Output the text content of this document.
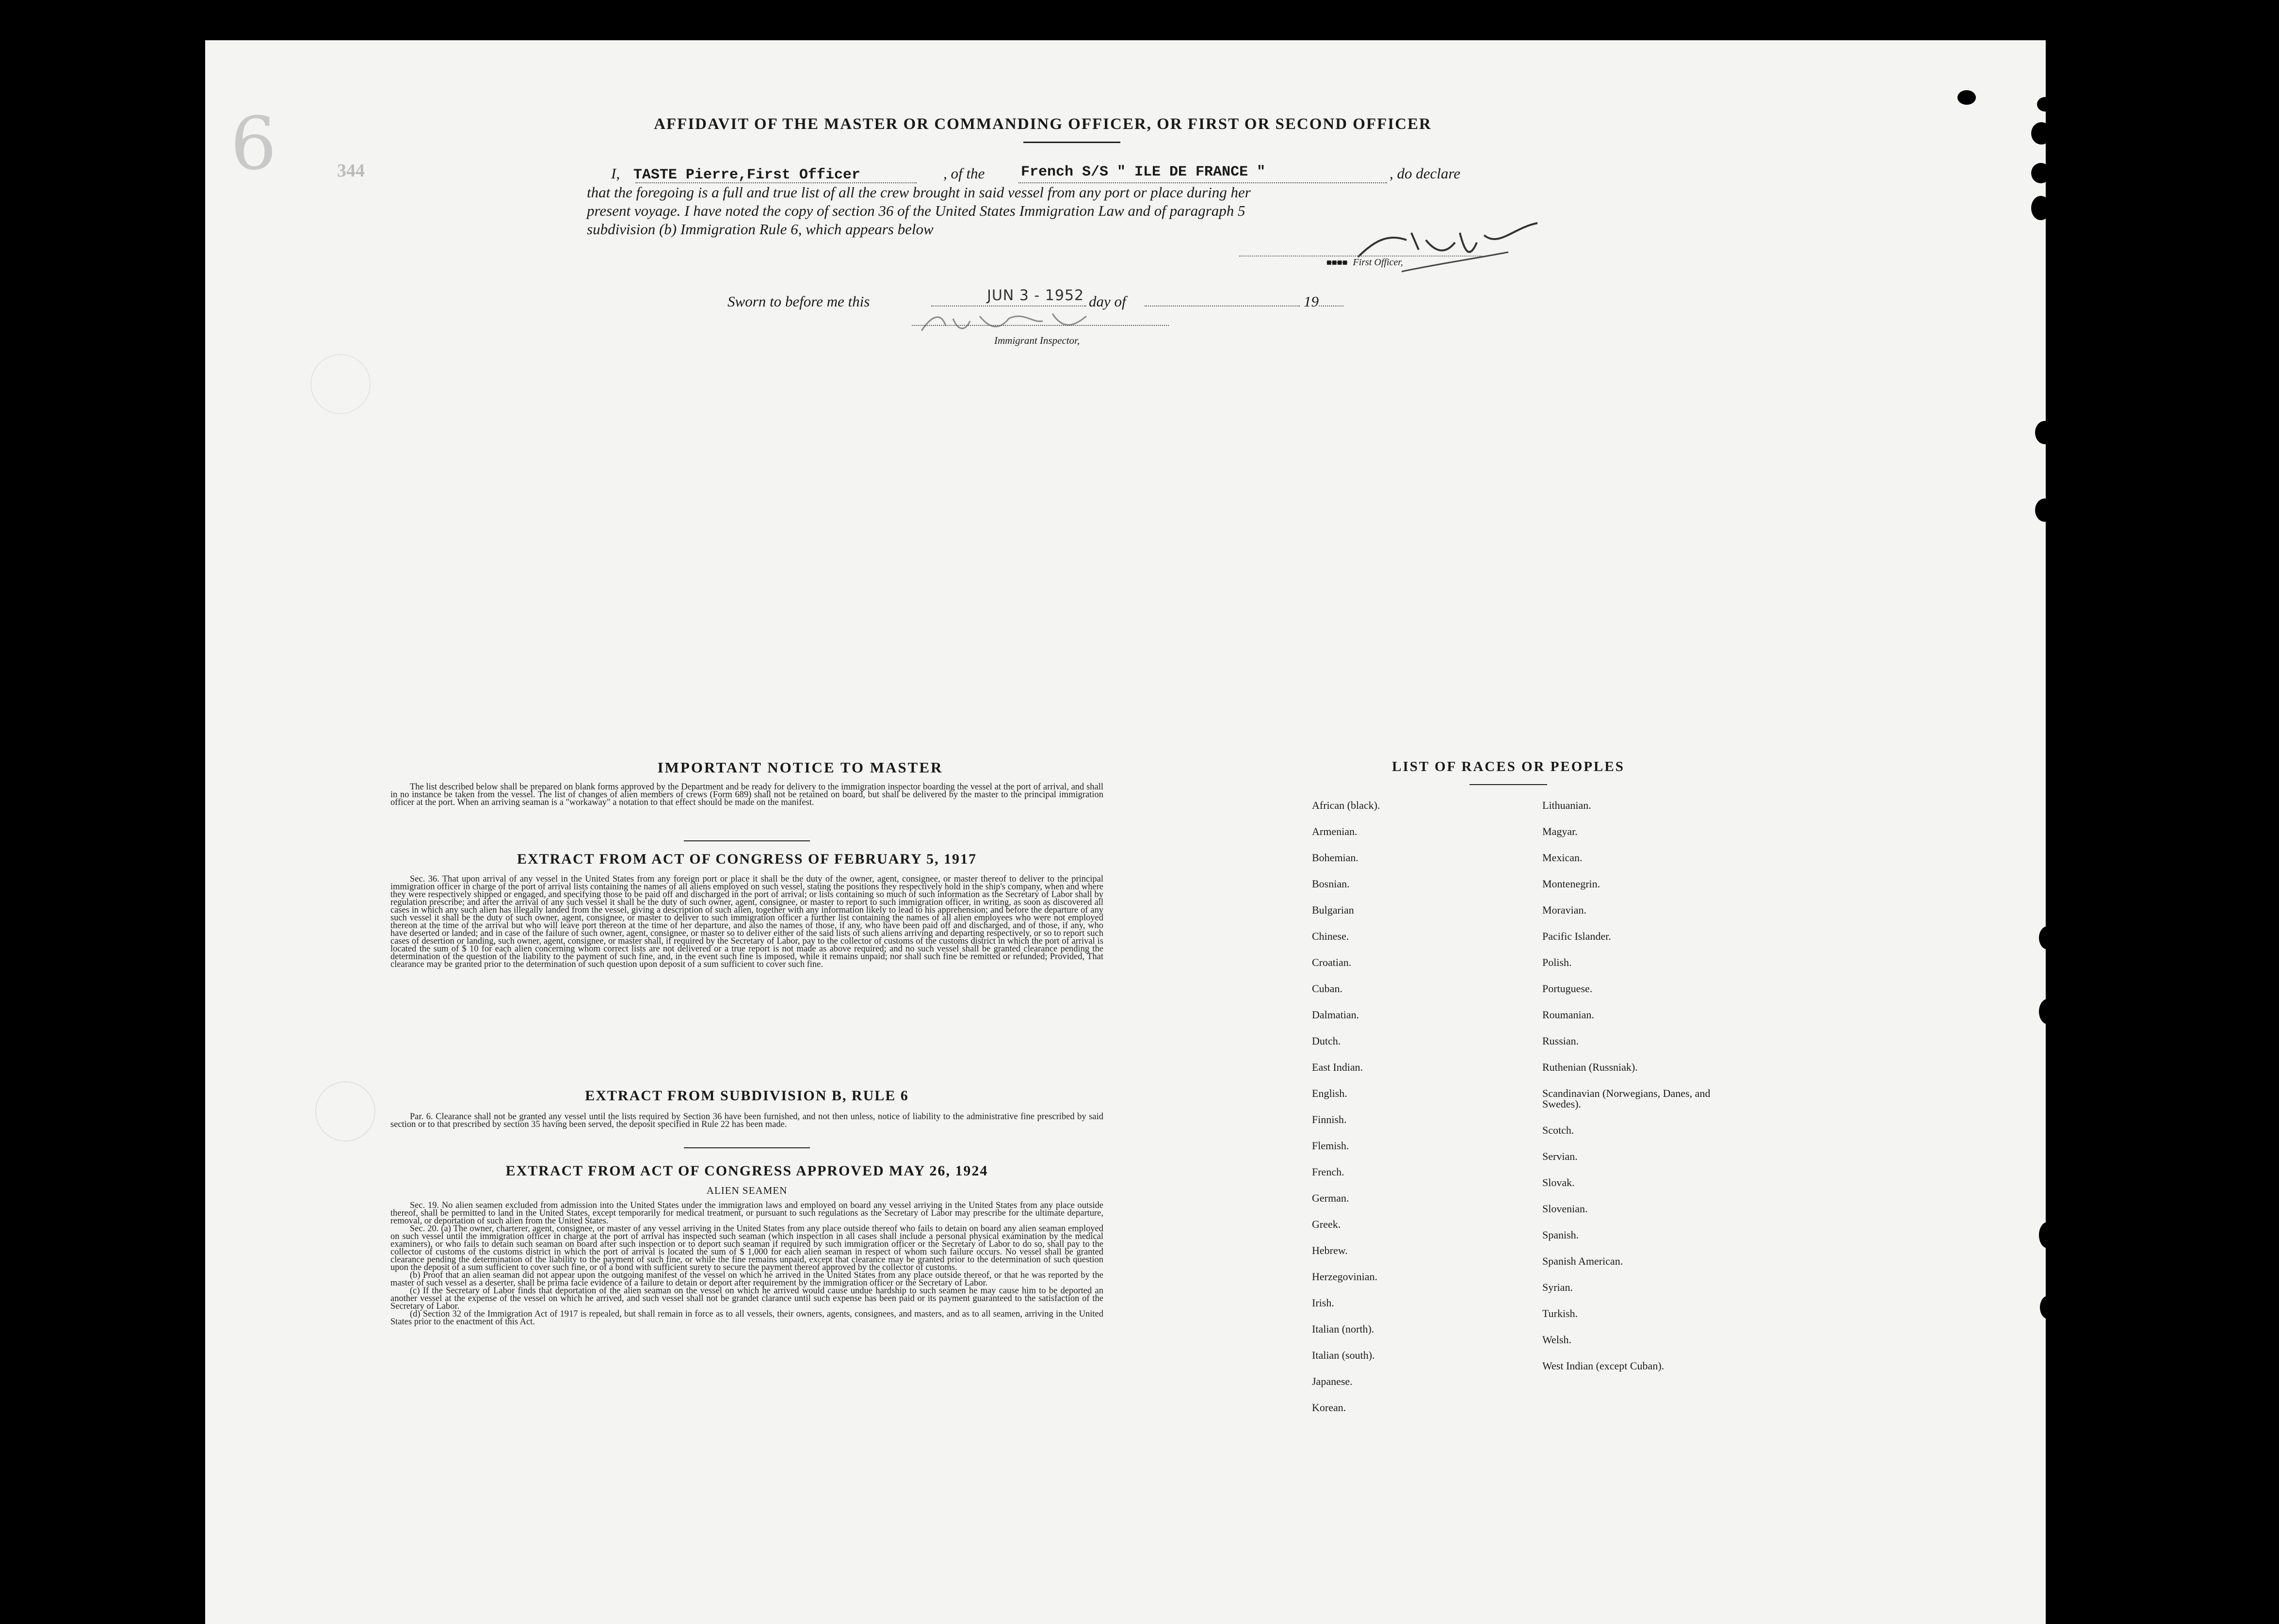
6	344
AFFIDAVIT OF THE MASTER OR COMMANDING OFFICER, OR FIRST OR SECOND OFFICER
I, TASTE Pierre,First Officer	, of the French S/S " ILE DE FRANCE "	, do declare
that the foregoing is a full and true list of all the crew brought in said vessel from any port or place during her
present voyage. I have noted the copy of section 36 of the United States Immigration Law and of paragraph 5
subdivision (b) Immigration Rule 6, which appears below
■■■■ First Officer,
Sworn to before me this	JUN 3 - 1952 day of	19
Immigrant Inspector,
IMPORTANT NOTICE TO MASTER

The list described below shall be prepared on blank forms approved by the Department and be ready for delivery to the immigration inspector boarding the vessel at the port of arrival, and shall in no instance be taken from the vessel. The list of changes of alien members of crews (Form 689) shall not be retained on board, but shall be delivered by the master to the principal immigration officer at the port. When an arriving seaman is a "workaway" a notation to that effect should be made on the manifest.

EXTRACT FROM ACT OF CONGRESS OF FEBRUARY 5, 1917

Sec. 36. That upon arrival of any vessel in the United States from any foreign port or place it shall be the duty of the owner, agent, consignee, or master thereof to deliver to the principal immigration officer in charge of the port of arrival lists containing the names of all aliens employed on such vessel, stating the positions they respectively hold in the ship's company, when and where they were respectively shipped or engaged, and specifying those to be paid off and discharged in the port of arrival; or lists containing so much of such information as the Secretary of Labor shall by regulation prescribe; and after the arrival of any such vessel it shall be the duty of such owner, agent, consignee, or master to report to such immigration officer, in writing, as soon as discovered all cases in which any such alien has illegally landed from the vessel, giving a description of such alien, together with any information likely to lead to his apprehension; and before the departure of any such vessel it shall be the duty of such owner, agent, consignee, or master to deliver to such immigration officer a further list containing the names of all alien employees who were not employed thereon at the time of the arrival but who will leave port thereon at the time of her departure, and also the names of those, if any, who have been paid off and discharged, and of those, if any, who have deserted or landed; and in case of the failure of such owner, agent, consignee, or master so to deliver either of the said lists of such aliens arriving and departing respectively, or so to report such cases of desertion or landing, such owner, agent, consignee, or master shall, if required by the Secretary of Labor, pay to the collector of customs of the customs district in which the port of arrival is located the sum of $ 10 for each alien concerning whom correct lists are not delivered or a true report is not made as above required; and no such vessel shall be granted clearance pending the determination of the question of the liability to the payment of such fine, and, in the event such fine is imposed, while it remains unpaid; nor shall such fine be remitted or refunded; Provided, That clearance may be granted prior to the determination of such question upon deposit of a sum sufficient to cover such fine.

EXTRACT FROM SUBDIVISION B, RULE 6

Par. 6. Clearance shall not be granted any vessel until the lists required by Section 36 have been furnished, and not then unless, notice of liability to the administrative fine prescribed by said section or to that prescribed by section 35 having been served, the deposit specified in Rule 22 has been made.

EXTRACT FROM ACT OF CONGRESS APPROVED MAY 26, 1924
ALIEN SEAMEN

Sec. 19. No alien seamen excluded from admission into the United States under the immigration laws and employed on board any vessel arriving in the United States from any place outside thereof, shall be permitted to land in the United States, except temporarily for medical treatment, or pursuant to such regulations as the Secretary of Labor may prescribe for the ultimate departure, removal, or deportation of such alien from the United States.

Sec. 20. (a) The owner, charterer, agent, consignee, or master of any vessel arriving in the United States from any place outside thereof who fails to detain on board any alien seaman employed on such vessel until the immigration officer in charge at the port of arrival has inspected such seaman (which inspection in all cases shall include a personal physical examination by the medical examiners), or who fails to detain such seaman on board after such inspection or to deport such seaman if required by such immigration officer or the Secretary of Labor to do so, shall pay to the collector of customs of the customs district in which the port of arrival is located the sum of $ 1,000 for each alien seaman in respect of whom such failure occurs. No vessel shall be granted clearance pending the determination of the liability to the payment of such fine, or while the fine remains unpaid, except that clearance may be granted prior to the determination of such question upon the deposit of a sum sufficient to cover such fine, or of a bond with sufficient surety to secure the payment thereof approved by the collector of customs.

(b) Proof that an alien seaman did not appear upon the outgoing manifest of the vessel on which he arrived in the United States from any place outside thereof, or that he was reported by the master of such vessel as a deserter, shall be prima facie evidence of a failure to detain or deport after requirement by the immigration officer or the Secretary of Labor.

(c) If the Secretary of Labor finds that deportation of the alien seaman on the vessel on which he arrived would cause undue hardship to such seamen he may cause him to be deported an another vessel at the expense of the vessel on which he arrived, and such vessel shall not be grandet clarance until such expense has been paid or its payment guaranteed to the satisfaction of the Secretary of Labor.

(d) Section 32 of the Immigration Act of 1917 is repealed, but shall remain in force as to all vessels, their owners, agents, consignees, and masters, and as to all seamen, arriving in the United States prior to the enactment of this Act.

LIST OF RACES OR PEOPLES
African (black).
Armenian.
Bohemian.
Bosnian.
Bulgarian
Chinese.
Croatian.
Cuban.
Dalmatian.
Dutch.
East Indian.
English.
Finnish.
Flemish.
French.
German.
Greek.
Hebrew.
Herzegovinian.
Irish.
Italian (north).
Italian (south).
Japanese.
Korean.
Lithuanian.
Magyar.
Mexican.
Montenegrin.
Moravian.
Pacific Islander.
Polish.
Portuguese.
Roumanian.
Russian.
Ruthenian (Russniak).
Scandinavian (Norwegians, Danes, and Swedes).
Scotch.
Servian.
Slovak.
Slovenian.
Spanish.
Spanish American.
Syrian.
Turkish.
Welsh.
West Indian (except Cuban).
